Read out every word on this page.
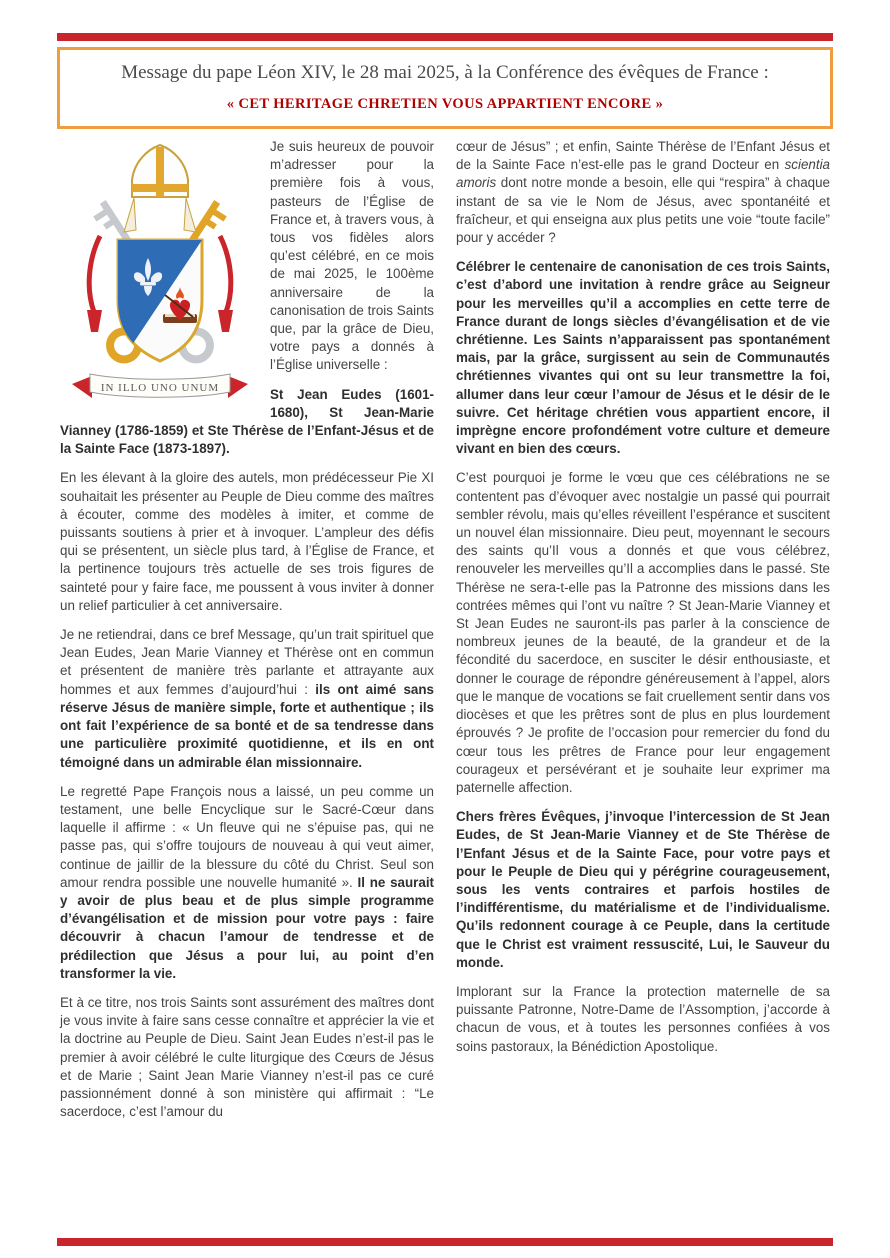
Message du pape Léon XIV, le 28 mai 2025, à la Conférence des évêques de France :
« CET HERITAGE CHRETIEN VOUS APPARTIENT ENCORE »
IN ILLO UNO UNUM

Je suis heureux de pouvoir m’adresser pour la première fois à vous, pasteurs de l’Église de France et, à travers vous, à tous vos fidèles alors qu’est célébré, en ce mois de mai 2025, le 100ème anniversaire de la canonisation de trois Saints que, par la grâce de Dieu, votre pays a donnés à l’Église universelle :

St Jean Eudes (1601-1680), St Jean-Marie Vianney (1786-1859) et Ste Thérèse de l’Enfant-Jésus et de la Sainte Face (1873-1897).

En les élevant à la gloire des autels, mon prédécesseur Pie XI souhaitait les présenter au Peuple de Dieu comme des maîtres à écouter, comme des modèles à imiter, et comme de puissants soutiens à prier et à invoquer. L’ampleur des défis qui se présentent, un siècle plus tard, à l’Église de France, et la pertinence toujours très actuelle de ses trois figures de sainteté pour y faire face, me poussent à vous inviter à donner un relief particulier à cet anniversaire.

Je ne retiendrai, dans ce bref Message, qu’un trait spirituel que Jean Eudes, Jean Marie Vianney et Thérèse ont en commun et présentent de manière très parlante et attrayante aux hommes et aux femmes d’aujourd’hui : ils ont aimé sans réserve Jésus de manière simple, forte et authentique ; ils ont fait l’expérience de sa bonté et de sa tendresse dans une particulière proximité quotidienne, et ils en ont témoigné dans un admirable élan missionnaire.

Le regretté Pape François nous a laissé, un peu comme un testament, une belle Encyclique sur le Sacré-Cœur dans laquelle il affirme : « Un fleuve qui ne s’épuise pas, qui ne passe pas, qui s’offre toujours de nouveau à qui veut aimer, continue de jaillir de la blessure du côté du Christ. Seul son amour rendra possible une nouvelle humanité ». Il ne saurait y avoir de plus beau et de plus simple programme d’évangélisation et de mission pour votre pays : faire découvrir à chacun l’amour de tendresse et de prédilection que Jésus a pour lui, au point d’en transformer la vie.

Et à ce titre, nos trois Saints sont assurément des maîtres dont je vous invite à faire sans cesse connaître et apprécier la vie et la doctrine au Peuple de Dieu. Saint Jean Eudes n’est-il pas le premier à avoir célébré le culte liturgique des Cœurs de Jésus et de Marie ; Saint Jean Marie Vianney n’est-il pas ce curé passionnément donné à son ministère qui affirmait : “Le sacerdoce, c’est l’amour du

cœur de Jésus” ; et enfin, Sainte Thérèse de l’Enfant Jésus et de la Sainte Face n’est-elle pas le grand Docteur en scientia amoris dont notre monde a besoin, elle qui “respira” à chaque instant de sa vie le Nom de Jésus, avec spontanéité et fraîcheur, et qui enseigna aux plus petits une voie “toute facile” pour y accéder ?

Célébrer le centenaire de canonisation de ces trois Saints, c’est d’abord une invitation à rendre grâce au Seigneur pour les merveilles qu’il a accomplies en cette terre de France durant de longs siècles d’évangélisation et de vie chrétienne. Les Saints n’apparaissent pas spontanément mais, par la grâce, surgissent au sein de Communautés chrétiennes vivantes qui ont su leur transmettre la foi, allumer dans leur cœur l’amour de Jésus et le désir de le suivre. Cet héritage chrétien vous appartient encore, il imprègne encore profondément votre culture et demeure vivant en bien des cœurs.

C’est pourquoi je forme le vœu que ces célébrations ne se contentent pas d’évoquer avec nostalgie un passé qui pourrait sembler révolu, mais qu’elles réveillent l’espérance et suscitent un nouvel élan missionnaire. Dieu peut, moyennant le secours des saints qu’Il vous a donnés et que vous célébrez, renouveler les merveilles qu’Il a accomplies dans le passé. Ste Thérèse ne sera-t-elle pas la Patronne des missions dans les contrées mêmes qui l’ont vu naître ? St Jean-Marie Vianney et St Jean Eudes ne sauront-ils pas parler à la conscience de nombreux jeunes de la beauté, de la grandeur et de la fécondité du sacerdoce, en susciter le désir enthousiaste, et donner le courage de répondre généreusement à l’appel, alors que le manque de vocations se fait cruellement sentir dans vos diocèses et que les prêtres sont de plus en plus lourdement éprouvés ? Je profite de l’occasion pour remercier du fond du cœur tous les prêtres de France pour leur engagement courageux et persévérant et je souhaite leur exprimer ma paternelle affection.

Chers frères Évêques, j’invoque l’intercession de St Jean Eudes, de St Jean-Marie Vianney et de Ste Thérèse de l’Enfant Jésus et de la Sainte Face, pour votre pays et pour le Peuple de Dieu qui y pérégrine courageusement, sous les vents contraires et parfois hostiles de l’indifférentisme, du matérialisme et de l’individualisme. Qu’ils redonnent courage à ce Peuple, dans la certitude que le Christ est vraiment ressuscité, Lui, le Sauveur du monde.

Implorant sur la France la protection maternelle de sa puissante Patronne, Notre-Dame de l’Assomption, j’accorde à chacun de vous, et à toutes les personnes confiées à vos soins pastoraux, la Bénédiction Apostolique.
